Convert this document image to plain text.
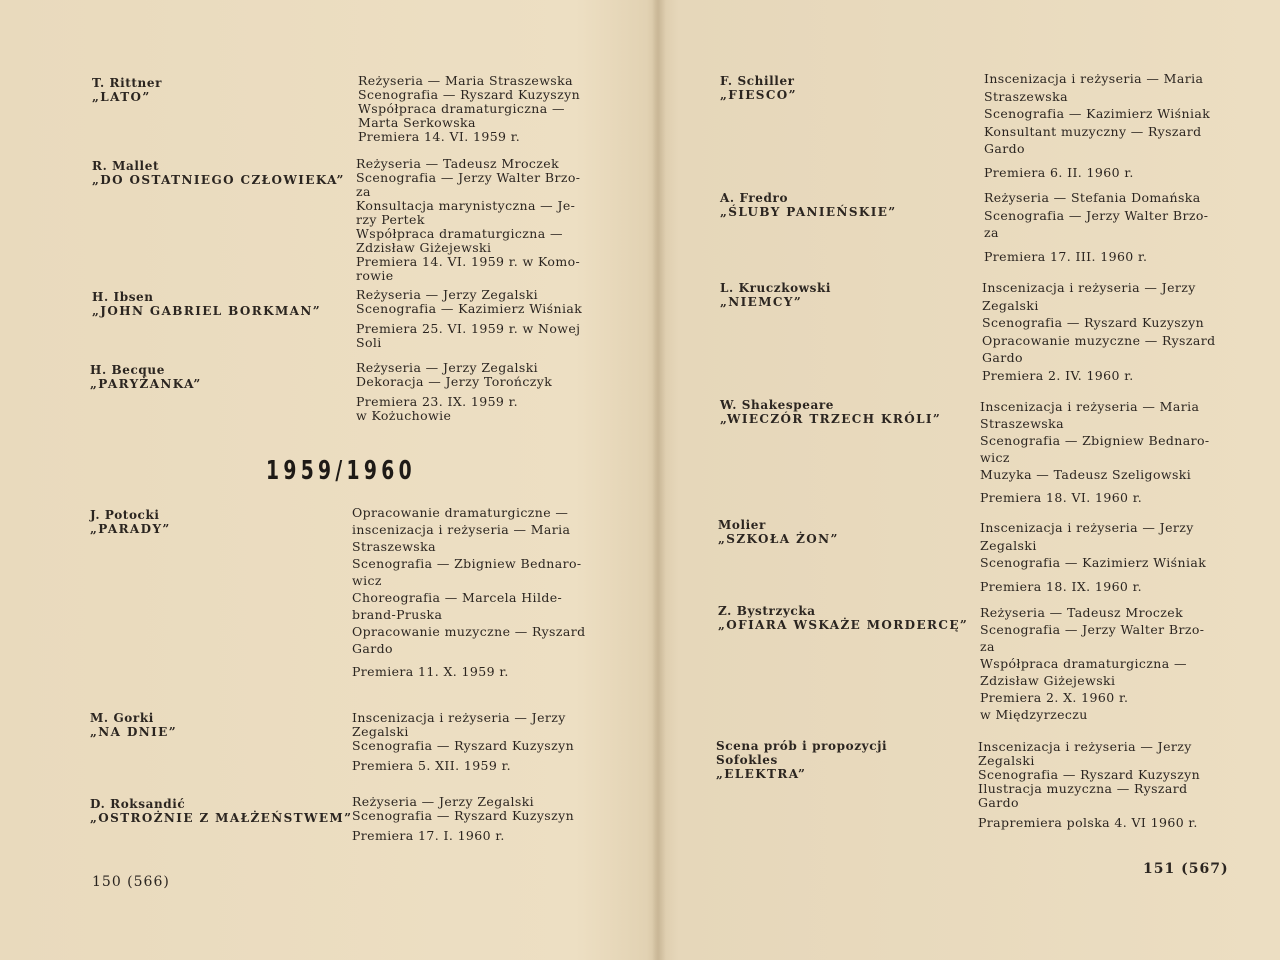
T. Rittner
„LATO”
Reżyseria — Maria Straszewska
Scenografia — Ryszard Kuzyszyn
Współpraca dramaturgiczna —
Marta Serkowska
Premiera 14. VI. 1959 r.
R. Mallet
„DO OSTATNIEGO CZŁOWIEKA”
Reżyseria — Tadeusz Mroczek
Scenografia — Jerzy Walter Brzo-
za
Konsultacja marynistyczna — Je-
rzy Pertek
Współpraca dramaturgiczna —
Zdzisław Giżejewski
Premiera 14. VI. 1959 r. w Komo-
rowie
H. Ibsen
„JOHN GABRIEL BORKMAN”
Reżyseria — Jerzy Zegalski
Scenografia — Kazimierz Wiśniak
Premiera 25. VI. 1959 r. w Nowej
Soli
H. Becque
„PARYŻANKA”
Reżyseria — Jerzy Zegalski
Dekoracja — Jerzy Torończyk
Premiera 23. IX. 1959 r.
w Kożuchowie
1959/1960
J. Potocki
„PARADY”
Opracowanie dramaturgiczne —
inscenizacja i reżyseria — Maria
Straszewska
Scenografia — Zbigniew Bednaro-
wicz
Choreografia — Marcela Hilde-
brand-Pruska
Opracowanie muzyczne — Ryszard
Gardo
Premiera 11. X. 1959 r.
M. Gorki
„NA DNIE”
Inscenizacja i reżyseria — Jerzy
Zegalski
Scenografia — Ryszard Kuzyszyn
Premiera 5. XII. 1959 r.
D. Roksandić
„OSTROŻNIE Z MAŁŻEŃSTWEM”
Reżyseria — Jerzy Zegalski
Scenografia — Ryszard Kuzyszyn
Premiera 17. I. 1960 r.
150 (566)
F. Schiller
„FIESCO”
Inscenizacja i reżyseria — Maria
Straszewska
Scenografia — Kazimierz Wiśniak
Konsultant muzyczny — Ryszard
Gardo
Premiera 6. II. 1960 r.
A. Fredro
„ŚLUBY PANIEŃSKIE”
Reżyseria — Stefania Domańska
Scenografia — Jerzy Walter Brzo-
za
Premiera 17. III. 1960 r.
L. Kruczkowski
„NIEMCY”
Inscenizacja i reżyseria — Jerzy
Zegalski
Scenografia — Ryszard Kuzyszyn
Opracowanie muzyczne — Ryszard
Gardo
Premiera 2. IV. 1960 r.
W. Shakespeare
„WIECZÓR TRZECH KRÓLI”
Inscenizacja i reżyseria — Maria
Straszewska
Scenografia — Zbigniew Bednaro-
wicz
Muzyka — Tadeusz Szeligowski
Premiera 18. VI. 1960 r.
Molier
„SZKOŁA ŻON”
Inscenizacja i reżyseria — Jerzy
Zegalski
Scenografia — Kazimierz Wiśniak
Premiera 18. IX. 1960 r.
Z. Bystrzycka
„OFIARA WSKAŻE MORDERCĘ”
Reżyseria — Tadeusz Mroczek
Scenografia — Jerzy Walter Brzo-
za
Współpraca dramaturgiczna —
Zdzisław Giżejewski
Premiera 2. X. 1960 r.
w Międzyrzeczu
Scena prób i propozycji
Sofokles
„ELEKTRA”
Inscenizacja i reżyseria — Jerzy
Zegalski
Scenografia — Ryszard Kuzyszyn
Ilustracja muzyczna — Ryszard
Gardo
Prapremiera polska 4. VI 1960 r.
151 (567)
